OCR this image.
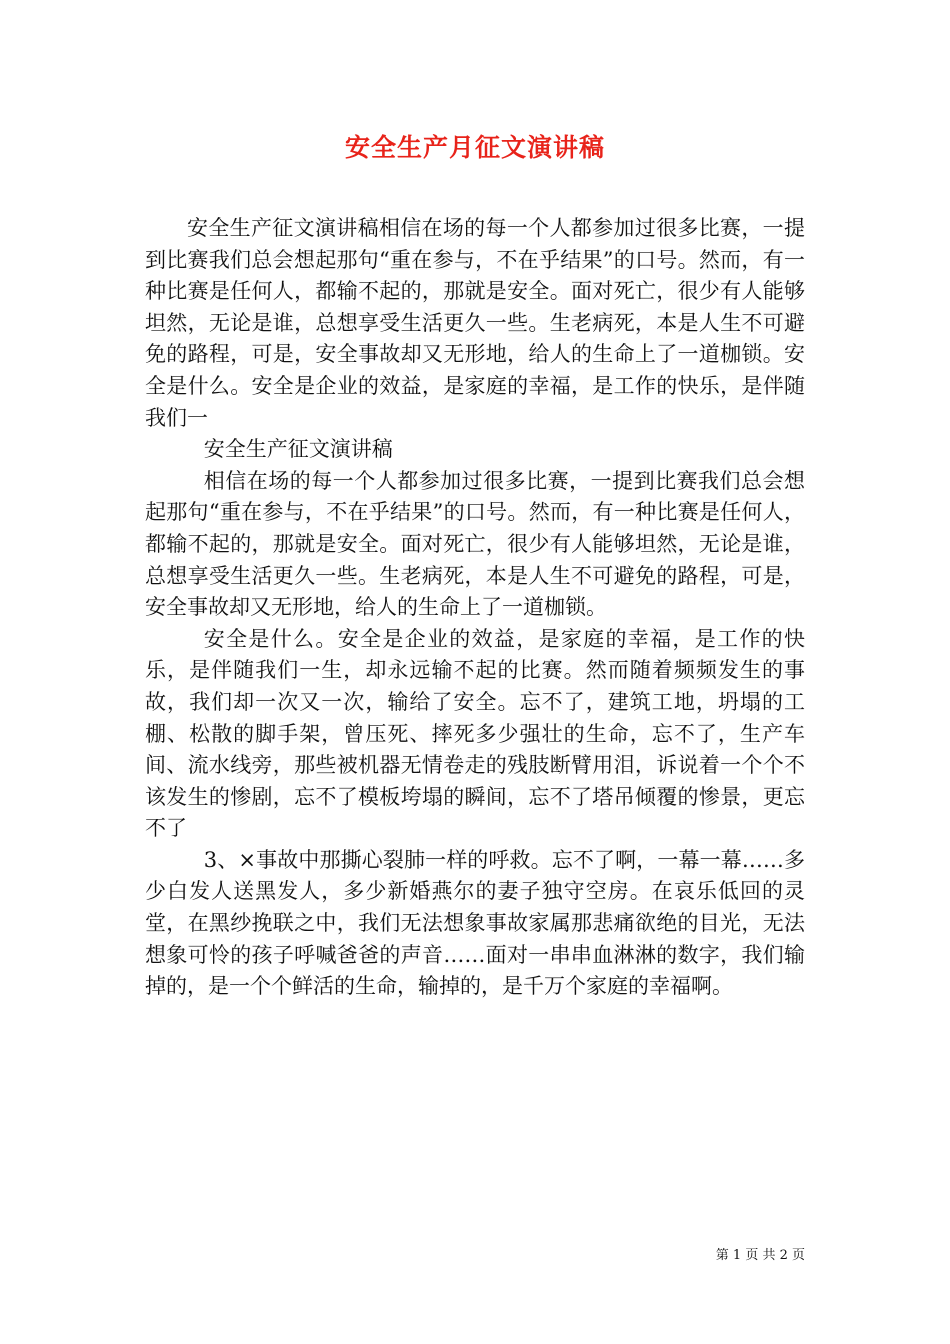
安全生产月征文演讲稿

安全生产征文演讲稿相信在场的每一个人都参加过很多比赛，一提到比赛我们总会想起那句“重在参与，不在乎结果”的口号。然而，有一种比赛是任何人，都输不起的，那就是安全。面对死亡，很少有人能够坦然，无论是谁，总想享受生活更久一些。生老病死，本是人生不可避免的路程，可是，安全事故却又无形地，给人的生命上了一道枷锁。安全是什么。安全是企业的效益，是家庭的幸福，是工作的快乐，是伴随我们一

安全生产征文演讲稿

相信在场的每一个人都参加过很多比赛，一提到比赛我们总会想起那句“重在参与，不在乎结果”的口号。然而，有一种比赛是任何人，都输不起的，那就是安全。面对死亡，很少有人能够坦然，无论是谁，总想享受生活更久一些。生老病死，本是人生不可避免的路程，可是，安全事故却又无形地，给人的生命上了一道枷锁。

安全是什么。安全是企业的效益，是家庭的幸福，是工作的快乐，是伴随我们一生，却永远输不起的比赛。然而随着频频发生的事故，我们却一次又一次，输给了安全。忘不了，建筑工地，坍塌的工棚、松散的脚手架，曾压死、摔死多少强壮的生命，忘不了，生产车间、流水线旁，那些被机器无情卷走的残肢断臂用泪，诉说着一个个不该发生的惨剧，忘不了模板垮塌的瞬间，忘不了塔吊倾覆的惨景，更忘不了

3、×事故中那撕心裂肺一样的呼救。忘不了啊，一幕一幕……多少白发人送黑发人，多少新婚燕尔的妻子独守空房。在哀乐低回的灵堂，在黑纱挽联之中，我们无法想象事故家属那悲痛欲绝的目光，无法想象可怜的孩子呼喊爸爸的声音……面对一串串血淋淋的数字，我们输掉的，是一个个鲜活的生命，输掉的，是千万个家庭的幸福啊。

第 1 页 共 2 页
